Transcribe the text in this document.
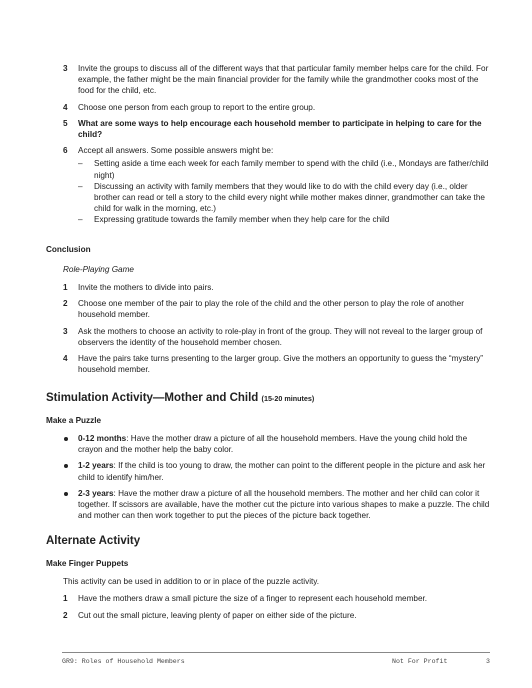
3	Invite the groups to discuss all of the different ways that that particular family member helps care for the child. For example, the father might be the main financial provider for the family while the grandmother cooks most of the food for the child, etc.
4	Choose one person from each group to report to the entire group.
5	What are some ways to help encourage each household member to participate in helping to care for the child?
6	Accept all answers. Some possible answers might be:
– Setting aside a time each week for each family member to spend with the child (i.e., Mondays are father/child night)
– Discussing an activity with family members that they would like to do with the child every day (i.e., older brother can read or tell a story to the child every night while mother makes dinner, grandmother can take the child for walk in the morning, etc.)
– Expressing gratitude towards the family member when they help care for the child
Conclusion
Role-Playing Game
1	Invite the mothers to divide into pairs.
2	Choose one member of the pair to play the role of the child and the other person to play the role of another household member.
3	Ask the mothers to choose an activity to role-play in front of the group. They will not reveal to the larger group of observers the identity of the household member chosen.
4	Have the pairs take turns presenting to the larger group. Give the mothers an opportunity to guess the “mystery” household member.
Stimulation Activity—Mother and Child (15-20 minutes)
Make a Puzzle
0-12 months: Have the mother draw a picture of all the household members. Have the young child hold the crayon and the mother help the baby color.
1-2 years: If the child is too young to draw, the mother can point to the different people in the picture and ask her child to identify him/her.
2-3 years: Have the mother draw a picture of all the household members. The mother and her child can color it together. If scissors are available, have the mother cut the picture into various shapes to make a puzzle. The child and mother can then work together to put the pieces of the picture back together.
Alternate Activity
Make Finger Puppets
This activity can be used in addition to or in place of the puzzle activity.
1	Have the mothers draw a small picture the size of a finger to represent each household member.
2	Cut out the small picture, leaving plenty of paper on either side of the picture.
GR9: Roles of Household Members	Not For Profit	3
